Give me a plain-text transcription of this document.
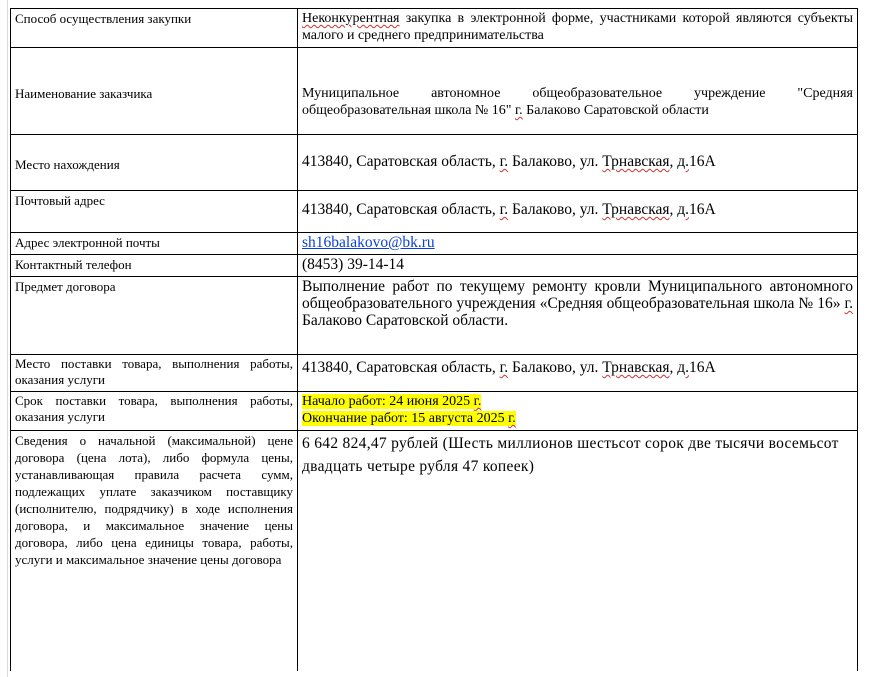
Способ осуществления закупки	Неконкурентная закупка в электронной форме, участниками которой являются субъекты малого и среднего предпринимательства
Наименование заказчика	Муниципальное автономное общеобразовательное учреждение "Средняя общеобразовательная школа № 16" г. Балаково Саратовской области
Место нахождения	413840, Саратовская область, г. Балаково, ул. Трнавская, д.16А
Почтовый адрес	413840, Саратовская область, г. Балаково, ул. Трнавская, д.16А
Адрес электронной почты	sh16balakovo@bk.ru
Контактный телефон	(8453) 39-14-14
Предмет договора	Выполнение работ по текущему ремонту кровли Муниципального автономного общеобразовательного учреждения «Средняя общеобразовательная школа № 16» г. Балаково Саратовской области.
Место поставки товара, выполнения работы, оказания услуги	413840, Саратовская область, г. Балаково, ул. Трнавская, д.16А
Срок поставки товара, выполнения работы, оказания услуги	Начало работ: 24 июня 2025 г.
Окончание работ: 15 августа 2025 г.
Сведения о начальной (максимальной) цене договора (цена лота), либо формула цены, устанавливающая правила расчета сумм, подлежащих уплате заказчиком поставщику (исполнителю, подрядчику) в ходе исполнения договора, и максимальное значение цены договора, либо цена единицы товара, работы, услуги и максимальное значение цены договора	6 642 824,47 рублей (Шесть миллионов шестьсот сорок две тысячи восемьсот двадцать четыре рубля 47 копеек)
